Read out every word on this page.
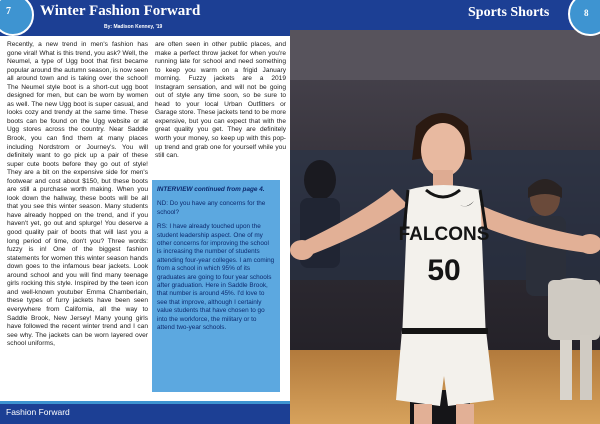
7	Winter Fashion Forward
By: Madison Kenney, '19
Recently, a new trend in men's fashion has gone viral! What is this trend, you ask? Well, the Neumel, a type of Ugg boot that first became popular around the autumn season, is now seen all around town and is taking over the school! The Neumel style boot is a short-cut ugg boot designed for men, but can be worn by women as well. The new Ugg boot is super casual, and looks cozy and trendy at the same time. These boots can be found on the Ugg website or at Ugg stores across the country. Near Saddle Brook, you can find them at many places including Nordstrom or Journey's. You will definitely want to go pick up a pair of these super cute boots before they go out of style! They are a bit on the expensive side for men's footwear and cost about $150, but these boots are still a purchase worth making. When you look down the hallway, these boots will be all that you see this winter season. Many students have already hopped on the trend, and if you haven't yet, go out and splurge! You deserve a good quality pair of boots that will last you a long period of time, don't you? Three words: fuzzy is in! One of the biggest fashion statements for women this winter season hands down goes to the infamous bear jackets. Look around school and you will find many teenage girls rocking this style. Inspired by the teen icon and well-known youtuber Emma Chamberlain, these types of furry jackets have been seen everywhere from California, all the way to Saddle Brook, New Jersey! Many young girls have followed the recent winter trend and I can see why. The jackets can be worn layered over school uniforms,
are often seen in other public places, and make a perfect throw jacket for when you're running late for school and need something to keep you warm on a frigid January morning. Fuzzy jackets are a 2019 Instagram sensation, and will not be going out of style any time soon, so be sure to head to your local Urban Outfitters or Garage store. These jackets tend to be more expensive, but you can expect that with the great quality you get. They are definitely worth your money, so keep up with this pop-up trend and grab one for yourself while you still can.

INTERVIEW continued from page 4.

ND: Do you have any concerns for the school?

RS: I have already touched upon the student leadership aspect. One of my other concerns for improving the school is increasing the number of students attending four-year colleges. I am coming from a school in which 95% of its graduates are going to four year schools after graduation. Here in Saddle Brook, that number is around 45%. I'd love to see that improve, although I certainly value students that have chosen to go into the workforce, the military or to attend two-year schools.

Fashion Forward
Sports Shorts	8
FALCONS
50
